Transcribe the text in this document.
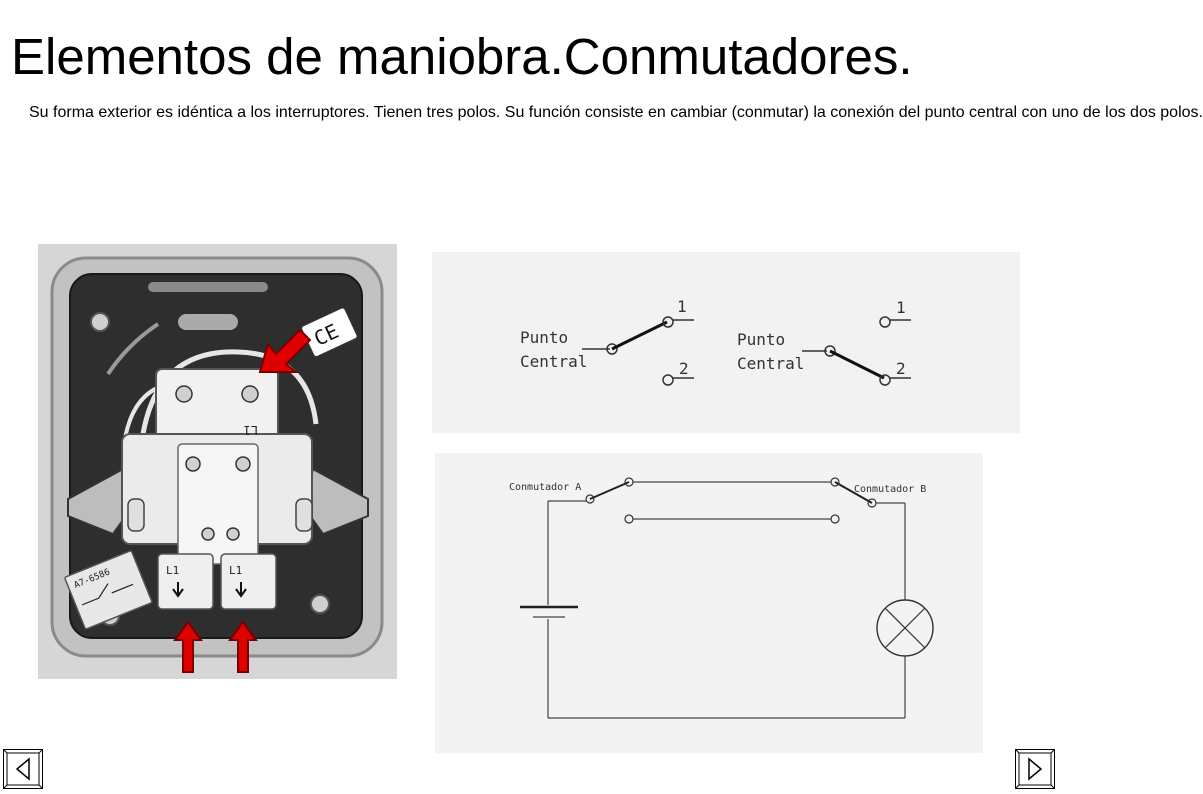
Elementos de maniobra.Conmutadores.
Su forma exterior es idéntica a los interruptores. Tienen tres polos. Su función consiste en cambiar (conmutar) la conexión del punto central con uno de los dos polos.
L1	L1
L1
CE
A7-6586
Punto
Central
1
2
Punto
Central
1
2
Conmutador A	Conmutador B
